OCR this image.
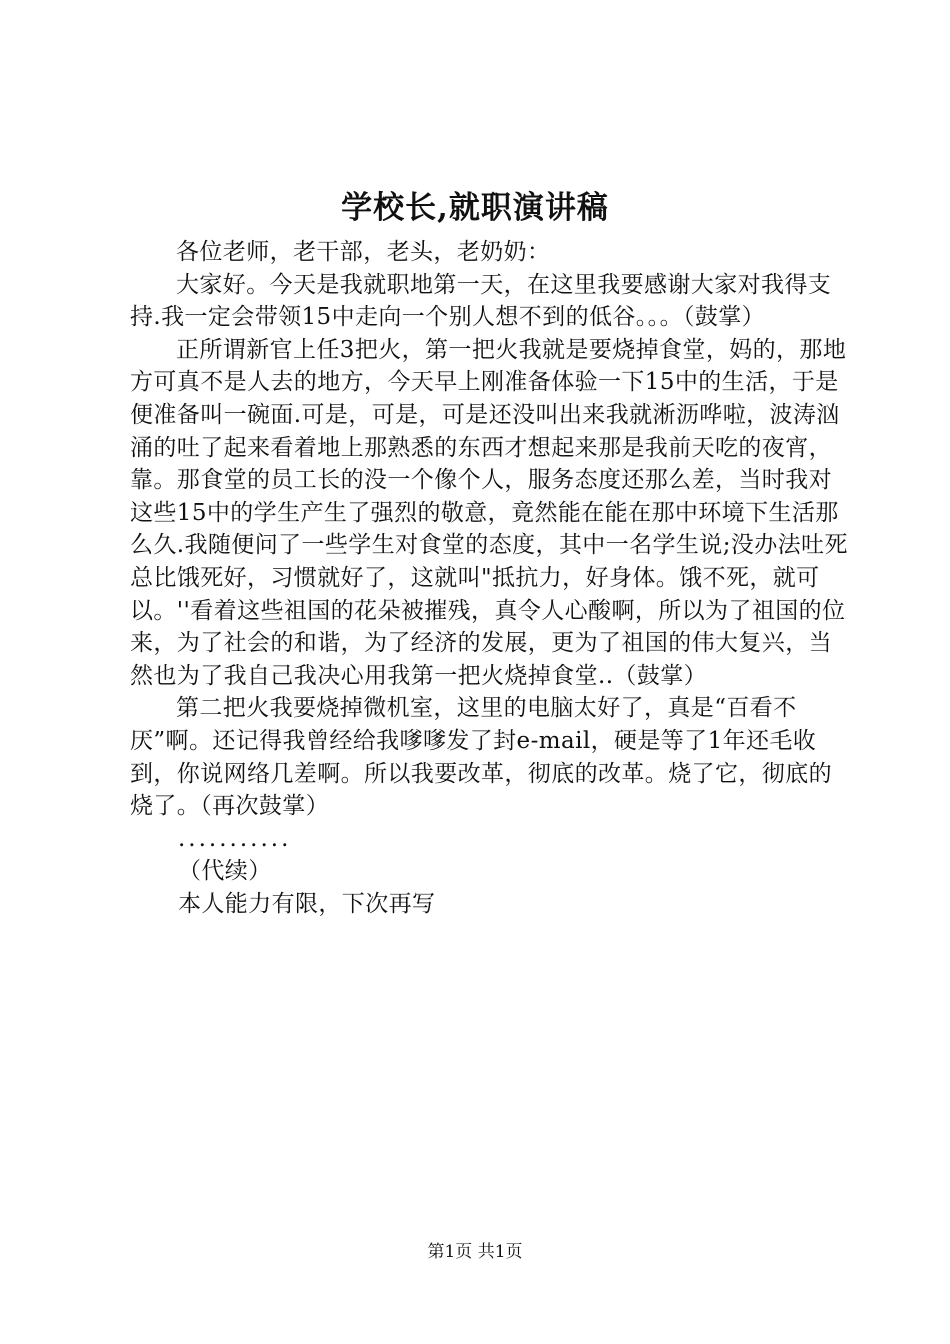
学校长,就职演讲稿

各位老师，老干部，老头，老奶奶：

大家好。今天是我就职地第一天，在这里我要感谢大家对我得支持.我一定会带领15中走向一个别人想不到的低谷。。。（鼓掌）

正所谓新官上任3把火，第一把火我就是要烧掉食堂，妈的，那地方可真不是人去的地方，今天早上刚准备体验一下15中的生活，于是便准备叫一碗面.可是，可是，可是还没叫出来我就淅沥哗啦，波涛汹涌的吐了起来看着地上那熟悉的东西才想起来那是我前天吃的夜宵，靠。那食堂的员工长的没一个像个人，服务态度还那么差，当时我对这些15中的学生产生了强烈的敬意，竟然能在能在那中环境下生活那么久.我随便问了一些学生对食堂的态度，其中一名学生说;没办法吐死总比饿死好，习惯就好了，这就叫"抵抗力，好身体。饿不死，就可以。''看着这些祖国的花朵被摧残，真令人心酸啊，所以为了祖国的位来，为了社会的和谐，为了经济的发展，更为了祖国的伟大复兴，当然也为了我自己我决心用我第一把火烧掉食堂..（鼓掌）

第二把火我要烧掉微机室，这里的电脑太好了，真是“百看不厌”啊。还记得我曾经给我嗲嗲发了封e-mail，硬是等了1年还毛收到，你说网络几差啊。所以我要改革，彻底的改革。烧了它，彻底的烧了。（再次鼓掌）

...........

（代续）

本人能力有限，下次再写

第1页 共1页
